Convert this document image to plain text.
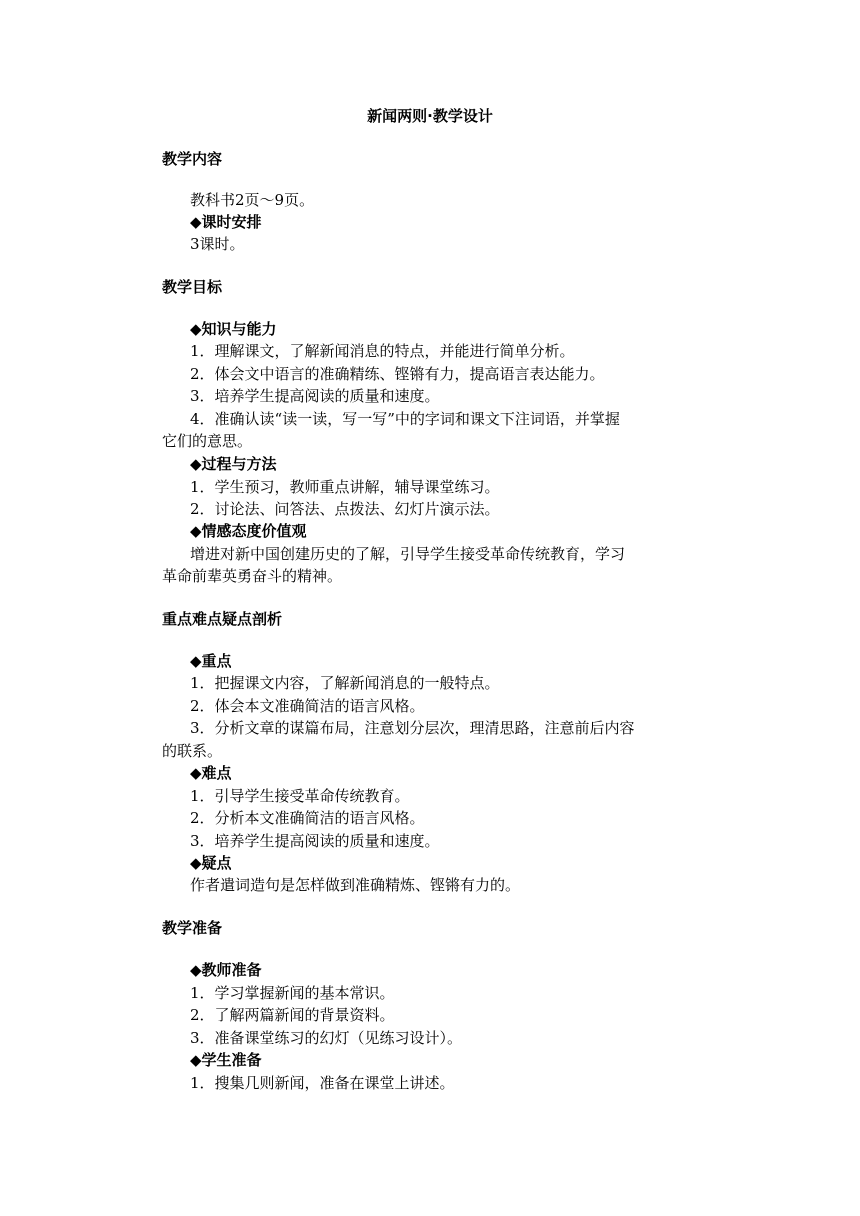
新闻两则·教学设计
教学内容
教科书2页～9页。
◆课时安排
3课时。
教学目标
◆知识与能力
1．理解课文，了解新闻消息的特点，并能进行简单分析。
2．体会文中语言的准确精练、铿锵有力，提高语言表达能力。
3．培养学生提高阅读的质量和速度。
4．准确认读“读一读，写一写”中的字词和课文下注词语，并掌握
它们的意思。
◆过程与方法
1．学生预习，教师重点讲解，辅导课堂练习。
2．讨论法、问答法、点拨法、幻灯片演示法。
◆情感态度价值观
增进对新中国创建历史的了解，引导学生接受革命传统教育，学习
革命前辈英勇奋斗的精神。
重点难点疑点剖析
◆重点
1．把握课文内容，了解新闻消息的一般特点。
2．体会本文准确简洁的语言风格。
3．分析文章的谋篇布局，注意划分层次，理清思路，注意前后内容
的联系。
◆难点
1．引导学生接受革命传统教育。
2．分析本文准确简洁的语言风格。
3．培养学生提高阅读的质量和速度。
◆疑点
作者遣词造句是怎样做到准确精炼、铿锵有力的。
教学准备
◆教师准备
1．学习掌握新闻的基本常识。
2．了解两篇新闻的背景资料。
3．准备课堂练习的幻灯（见练习设计）。
◆学生准备
1．搜集几则新闻，准备在课堂上讲述。
